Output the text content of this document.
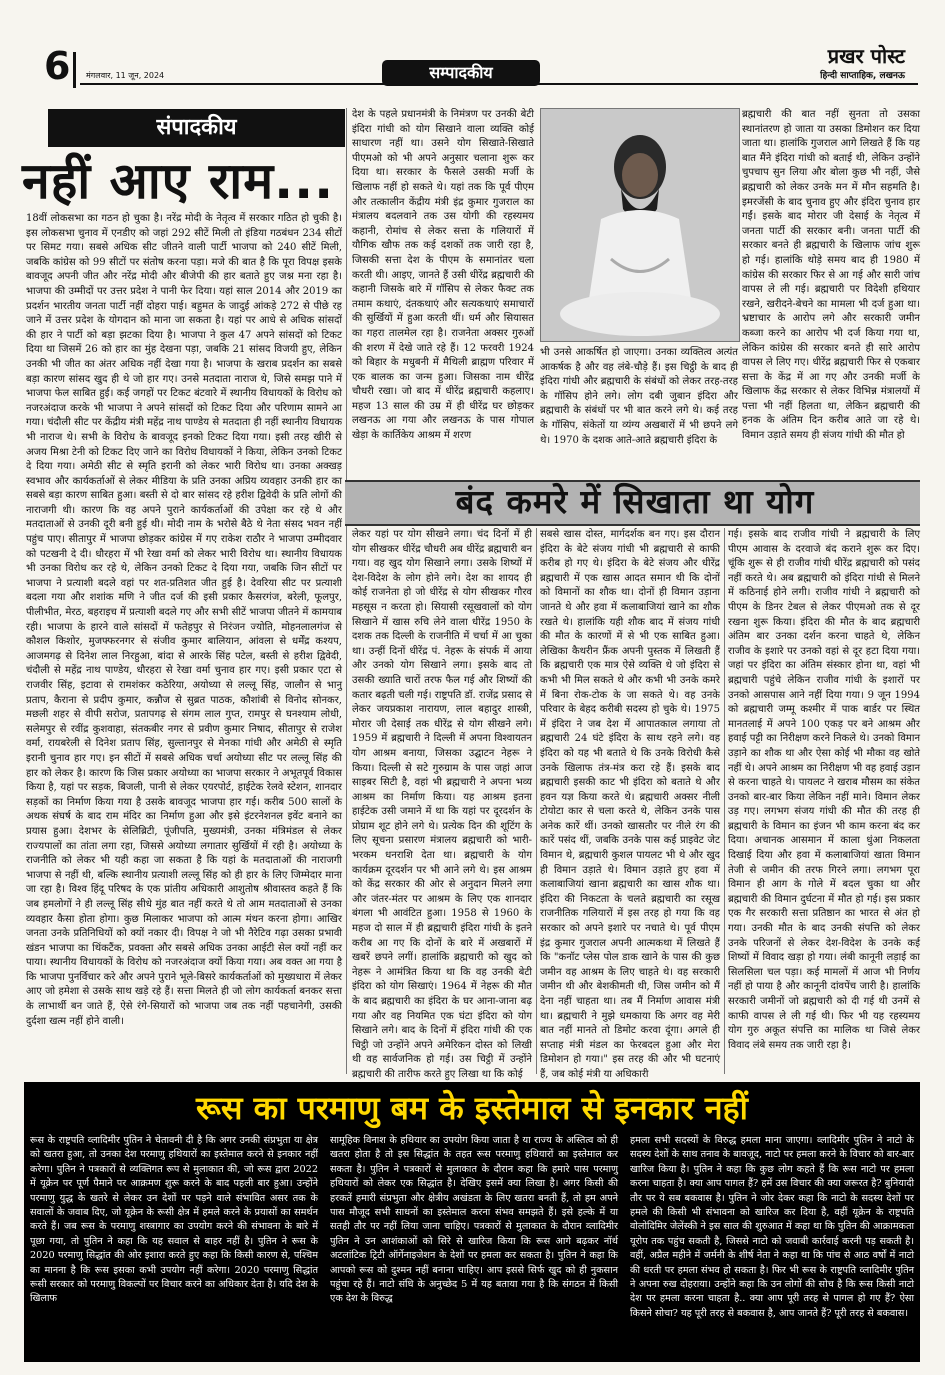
6 मंगलवार, 11 जून, 2024	सम्पादकीय
प्रखर पोस्ट
हिन्दी साप्ताहिक, लखनऊ
संपादकीय
नहीं आए राम...
18वीं लोकसभा का गठन हो चुका है। नरेंद्र मोदी के नेतृत्व में सरकार गठित हो चुकी है। इस लोकसभा चुनाव में एनडीए को जहां 292 सीटें मिली तो इंडिया गठबंधन 234 सीटों पर सिमट गया। सबसे अधिक सीट जीतने वाली पार्टी भाजपा को 240 सीटें मिली, जबकि कांग्रेस को 99 सीटों पर संतोष करना पड़ा। मजे की बात है कि पूरा विपक्ष इसके बावजूद अपनी जीत और नरेंद्र मोदी और बीजेपी की हार बताते हुए जश्न मना रहा है। भाजपा की उम्मीदों पर उत्तर प्रदेश ने पानी फेर दिया। यहां साल 2014 और 2019 का प्रदर्शन भारतीय जनता पार्टी नहीं दोहरा पाई। बहुमत के जादुई आंकड़े 272 से पीछे रह जाने में उत्तर प्रदेश के योगदान को माना जा सकता है। यहां पर आधे से अधिक सांसदों की हार ने पार्टी को बड़ा झटका दिया है। भाजपा ने कुल 47 अपने सांसदों को टिकट दिया था जिसमें 26 को हार का मुंह देखना पड़ा, जबकि 21 सांसद विजयी हुए, लेकिन उनकी भी जीत का अंतर अधिक नहीं देखा गया है। भाजपा के खराब प्रदर्शन का सबसे बड़ा कारण सांसद खुद ही थे जो हार गए। उनसे मतदाता नाराज थे, जिसे समझ पाने में भाजपा फेल साबित हुई। कई जगहों पर टिकट बंटवारे में स्थानीय विधायकों के विरोध को नजरअंदाज करके भी भाजपा ने अपने सांसदों को टिकट दिया और परिणाम सामने आ गया। चंदौली सीट पर केंद्रीय मंत्री महेंद्र नाथ पाण्डेय से मतदाता ही नहीं स्थानीय विधायक भी नाराज थे। सभी के विरोध के बावजूद इनको टिकट दिया गया। इसी तरह खीरी से अजय मिश्रा टेनी को टिकट दिए जाने का विरोध विधायकों ने किया, लेकिन उनको टिकट दे दिया गया। अमेठी सीट से स्मृति इरानी को लेकर भारी विरोध था। उनका अक्खड़ स्वभाव और कार्यकर्ताओं से लेकर मीडिया के प्रति उनका अप्रिय व्यवहार उनकी हार का सबसे बड़ा कारण साबित हुआ। बस्ती से दो बार सांसद रहे हरीश द्विवेदी के प्रति लोगों की नाराजगी थी। कारण कि वह अपने पुराने कार्यकर्ताओं की उपेक्षा कर रहे थे और मतदाताओं से उनकी दूरी बनी हुई थी। मोदी नाम के भरोसे बैठे थे नेता संसद भवन नहीं पहुंच पाए। सीतापुर में भाजपा छोड़कर कांग्रेस में गए राकेश राठौर ने भाजपा उम्मीदवार को पटखनी दे दी। धौरहरा में भी रेखा वर्मा को लेकर भारी विरोध था। स्थानीय विधायक भी उनका विरोध कर रहे थे, लेकिन उनको टिकट दे दिया गया, जबकि जिन सीटों पर भाजपा ने प्रत्याशी बदले वहां पर शत-प्रतिशत जीत हुई है। देवरिया सीट पर प्रत्याशी बदला गया और शशांक मणि ने जीत दर्ज की इसी प्रकार कैसरगंज, बरेली, फूलपुर, पीलीभीत, मेरठ, बहराइच में प्रत्याशी बदले गए और सभी सीटें भाजपा जीतने में कामयाब रही। भाजपा के हारने वाले सांसदों में फतेहपुर से निरंजन ज्योति, मोहनलालगंज से कौशल किशोर, मुजफ्फरनगर से संजीव कुमार बालियान, आंवला से धर्मेंद्र कश्यप, आजमगढ़ से दिनेश लाल निरहुआ, बांदा से आरके सिंह पटेल, बस्ती से हरीश द्विवेदी, चंदौली से महेंद्र नाथ पाण्डेय, धौरहरा से रेखा वर्मा चुनाव हार गए। इसी प्रकार एटा से राजवीर सिंह, इटावा से रामशंकर कठेरिया, अयोध्या से लल्लू सिंह, जालौन से भानु प्रताप, कैराना से प्रदीप कुमार, कन्नौज से सुब्रत पाठक, कौशांबी से विनोद सोनकर, मछली शहर से वीपी सरोज, प्रतापगढ़ से संगम लाल गुप्त, रामपुर से घनश्याम लोधी, सलेमपुर से रवींद्र कुशवाहा, संतकबीर नगर से प्रवीण कुमार निषाद, सीतापुर से राजेश वर्मा, रायबरेली से दिनेश प्रताप सिंह, सुल्तानपुर से मेनका गांधी और अमेठी से स्मृति इरानी चुनाव हार गए। इन सीटों में सबसे अधिक चर्चा अयोध्या सीट पर लल्लू सिंह की हार को लेकर है। कारण कि जिस प्रकार अयोध्या का भाजपा सरकार ने अभूतपूर्व विकास किया है, यहां पर सड़क, बिजली, पानी से लेकर एयरपोर्ट, हाईटेक रेलवे स्टेशन, शानदार सड़कों का निर्माण किया गया है उसके बावजूद भाजपा हार गई। करीब 500 सालों के अथक संघर्ष के बाद राम मंदिर का निर्माण हुआ और इसे इंटरनेशनल इवेंट बनाने का प्रयास हुआ। देशभर के सेलिब्रिटी, पूंजीपति, मुख्यमंत्री, उनका मंत्रिमंडल से लेकर राज्यपालों का तांता लगा रहा, जिससे अयोध्या लगातार सुर्खियों में रही है। अयोध्या के राजनीति को लेकर भी यही कहा जा सकता है कि यहां के मतदाताओं की नाराजगी भाजपा से नहीं थी, बल्कि स्थानीय प्रत्याशी लल्लू सिंह को ही हार के लिए जिम्मेदार माना जा रहा है। विश्व हिंदू परिषद के एक प्रांतीय अधिकारी आशुतोष श्रीवास्तव कहते हैं कि जब हमलोगों ने ही लल्लू सिंह सीधे मुंह बात नहीं करते थे तो आम मतदाताओं से उनका व्यवहार कैसा होता होगा। कुछ मिलाकर भाजपा को आत्म मंथन करना होगा। आखिर जनता उनके प्रतिनिधियों को क्यों नकार दी। विपक्ष ने जो भी नैरेटिव गढ़ा उसका प्रभावी खंडन भाजपा का थिंकटैंक, प्रवक्ता और सबसे अधिक उनका आईटी सेल क्यों नहीं कर पाया। स्थानीय विधायकों के विरोध को नजरअंदाज क्यों किया गया। अब वक्त आ गया है कि भाजपा पुनर्विचार करे और अपने पुराने भूले-बिसरे कार्यकर्ताओं को मुख्यधारा में लेकर आए जो हमेशा से उसके साथ खड़े रहे हैं। सत्ता मिलते ही जो लोग कार्यकर्ता बनकर सत्ता के लाभार्थी बन जाते हैं, ऐसे रंगे-सियारों को भाजपा जब तक नहीं पहचानेगी, उसकी दुर्दशा खत्म नहीं होने वाली।
देश के पहले प्रधानमंत्री के निमंत्रण पर उनकी बेटी इंदिरा गांधी को योग सिखाने वाला व्यक्ति कोई साधारण नहीं था। उसने योग सिखाते-सिखाते पीएमओ को भी अपने अनुसार चलाना शुरू कर दिया था। सरकार के फैसले उसकी मर्जी के खिलाफ नहीं हो सकते थे। यहां तक कि पूर्व पीएम और तत्कालीन केंद्रीय मंत्री इंद्र कुमार गुजराल का मंत्रालय बदलवाने तक उस योगी की रहस्यमय कहानी, रोमांच से लेकर सत्ता के गलियारों में यौगिक खौफ तक कई दशकों तक जारी रहा है, जिसकी सत्ता देश के पीएम के समानांतर चला करती थी। आइए, जानते हैं उसी धीरेंद्र ब्रह्मचारी की कहानी जिसके बारे में गॉसिप से लेकर फैक्ट तक तमाम कथाएं, दंतकथाएं और सत्यकथाएं समाचारों की सुर्खियों में हुआ करती थीं। धर्म और सियासत का गहरा तालमेल रहा है। राजनेता अक्सर गुरुओं की शरण में देखे जाते रहे हैं। 12 फरवरी 1924 को बिहार के मधुबनी में मैथिली ब्राह्मण परिवार में एक बालक का जन्म हुआ। जिसका नाम धीरेंद्र चौधरी रखा। जो बाद में धीरेंद्र ब्रह्मचारी कहलाए। महज 13 साल की उम्र में ही धीरेंद्र घर छोड़कर लखनऊ आ गया और लखनऊ के पास गोपाल खेड़ा के कार्तिकेय आश्रम में शरण
भी उनसे आकर्षित हो जाएगा। उनका व्यक्तित्व अत्यंत आकर्षक है और वह लंबे-चौड़े हैं। इस चिट्ठी के बाद ही इंदिरा गांधी और ब्रह्मचारी के संबंधों को लेकर तरह-तरह के गॉसिप होने लगे। लोग दबी जुबान इंदिरा और ब्रह्मचारी के संबंधों पर भी बात करने लगे थे। कई तरह के गॉसिप, संकेतों या व्यंग्य अखबारों में भी छपने लगे थे। 1970 के दशक आते-आते ब्रह्मचारी इंदिरा के
ब्रह्मचारी की बात नहीं सुनता तो उसका स्थानांतरण हो जाता या उसका डिमोशन कर दिया जाता था। हालांकि गुजराल आगे लिखते हैं कि यह बात मैंने इंदिरा गांधी को बताई थी, लेकिन उन्होंने चुपचाप सुन लिया और बोला कुछ भी नहीं, जैसे ब्रह्मचारी को लेकर उनके मन में मौन सहमति है। इमरजेंसी के बाद चुनाव हुए और इंदिरा चुनाव हार गईं। इसके बाद मोरार जी देसाई के नेतृत्व में जनता पार्टी की सरकार बनी। जनता पार्टी की सरकार बनते ही ब्रह्मचारी के खिलाफ जांच शुरू हो गई। हालांकि थोड़े समय बाद ही 1980 में कांग्रेस की सरकार फिर से आ गई और सारी जांच वापस ले ली गई। ब्रह्मचारी पर विदेशी हथियार रखने, खरीदने-बेचने का मामला भी दर्ज हुआ था। भ्रष्टाचार के आरोप लगे और सरकारी जमीन कब्जा करने का आरोप भी दर्ज किया गया था, लेकिन कांग्रेस की सरकार बनते ही सारे आरोप वापस ले लिए गए। धीरेंद्र ब्रह्मचारी फिर से एकबार सत्ता के केंद्र में आ गए और उनकी मर्जी के खिलाफ केंद्र सरकार से लेकर विभिन्न मंत्रालयों में पत्ता भी नहीं हिलता था, लेकिन ब्रह्मचारी की हनक के अंतिम दिन करीब आते जा रहे थे। विमान उड़ाते समय ही संजय गांधी की मौत हो
बंद कमरे में सिखाता था योग
लेकर यहां पर योग सीखने लगा। चंद दिनों में ही योग सीखकर धीरेंद्र चौधरी अब धीरेंद्र ब्रह्मचारी बन गया। वह खुद योग सिखाने लगा। उसके शिष्यों में देश-विदेश के लोग होने लगे। देश का शायद ही कोई राजनेता हो जो धीरेंद्र से योग सीखकर गौरव महसूस न करता हो। सियासी रसूखवालों को योग सिखाने में खास रुचि लेने वाला धीरेंद्र 1950 के दशक तक दिल्ली के राजनीति में चर्चा में आ चुका था। उन्हीं दिनों धीरेंद्र पं. नेहरू के संपर्क में आया और उनको योग सिखाने लगा। इसके बाद तो उसकी ख्याति चारों तरफ फैल गई और शिष्यों की कतार बढ़ती चली गई। राष्ट्रपति डॉ. राजेंद्र प्रसाद से लेकर जयप्रकाश नारायण, लाल बहादुर शास्त्री, मोरार जी देसाई तक धीरेंद्र से योग सीखने लगे। 1959 में ब्रह्मचारी ने दिल्ली में अपना विश्वायतन योग आश्रम बनाया, जिसका उद्घाटन नेहरू ने किया। दिल्ली से सटे गुरुग्राम के पास जहां आज साइबर सिटी है, वहां भी ब्रह्मचारी ने अपना भव्य आश्रम का निर्माण किया। यह आश्रम इतना हाईटेक उसी जमाने में था कि यहां पर दूरदर्शन के प्रोग्राम शूट होने लगे थे। प्रत्येक दिन की शूटिंग के लिए सूचना प्रसारण मंत्रालय ब्रह्मचारी को भारी-भरकम धनराशि देता था। ब्रह्मचारी के योग कार्यक्रम दूरदर्शन पर भी आने लगे थे। इस आश्रम को केंद्र सरकार की ओर से अनुदान मिलने लगा और जंतर-मंतर पर आश्रम के लिए एक शानदार बंगला भी आवंटित हुआ। 1958 से 1960 के महज दो साल में ही ब्रह्मचारी इंदिरा गांधी के इतने करीब आ गए कि दोनों के बारे में अखबारों में खबरें छपने लगीं। हालांकि ब्रह्मचारी को खुद को नेहरू ने आमंत्रित किया था कि वह उनकी बेटी इंदिरा को योग सिखाएं। 1964 में नेहरू की मौत के बाद ब्रह्मचारी का इंदिरा के घर आना-जाना बढ़ गया और वह नियमित एक घंटा इंदिरा को योग सिखाने लगे। बाद के दिनों में इंदिरा गांधी की एक चिट्ठी जो उन्होंने अपने अमेरिकन दोस्त को लिखी थी वह सार्वजनिक हो गई। उस चिट्ठी में उन्होंने ब्रह्मचारी की तारीफ करते हुए लिखा था कि कोई
सबसे खास दोस्त, मार्गदर्शक बन गए। इस दौरान इंदिरा के बेटे संजय गांधी भी ब्रह्मचारी से काफी करीब हो गए थे। इंदिरा के बेटे संजय और धीरेंद्र ब्रह्मचारी में एक खास आदत समान थी कि दोनों को विमानों का शौक था। दोनों ही विमान उड़ाना जानते थे और हवा में कलाबाजियां खाने का शौक रखते थे। हालांकि यही शौक बाद में संजय गांधी की मौत के कारणों में से भी एक साबित हुआ। लेखिका कैथरीन फ्रैंक अपनी पुस्तक में लिखती हैं कि ब्रह्मचारी एक मात्र ऐसे व्यक्ति थे जो इंदिरा से कभी भी मिल सकते थे और कभी भी उनके कमरे में बिना रोक-टोक के जा सकते थे। वह उनके परिवार के बेहद करीबी सदस्य हो चुके थे। 1975 में इंदिरा ने जब देश में आपातकाल लगाया तो ब्रह्मचारी 24 घंटे इंदिरा के साथ रहने लगे। वह इंदिरा को यह भी बताते थे कि उनके विरोधी कैसे उनके खिलाफ तंत्र-मंत्र करा रहे हैं। इसके बाद ब्रह्मचारी इसकी काट भी इंदिरा को बताते थे और हवन यज्ञ किया करते थे। ब्रह्मचारी अक्सर नीली टोयोटा कार से चला करते थे, लेकिन उनके पास अनेक कारें थीं। उनको खासतौर पर नीले रंग की कारें पसंद थीं, जबकि उनके पास कई प्राइवेट जेट विमान थे, ब्रह्मचारी कुशल पायलट भी थे और खुद ही विमान उड़ाते थे। विमान उड़ाते हुए हवा में कलाबाजियां खाना ब्रह्मचारी का खास शौक था। इंदिरा की निकटता के चलते ब्रह्मचारी का रसूख राजनीतिक गलियारों में इस तरह हो गया कि वह सरकार को अपने इशारे पर नचाते थे। पूर्व पीएम इंद्र कुमार गुजराल अपनी आत्मकथा में लिखते हैं कि "कनॉट प्लेस पोल डाक खाने के पास की कुछ जमीन वह आश्रम के लिए चाहते थे। वह सरकारी जमीन थी और बेशकीमती थी, जिस जमीन को मैं देना नहीं चाहता था। तब मैं निर्माण आवास मंत्री था। ब्रह्मचारी ने मुझे धमकाया कि अगर वह मेरी बात नहीं मानते तो डिमोट करवा दूंगा। अगले ही सप्ताह मंत्री मंडल का फेरबदल हुआ और मेरा डिमोशन हो गया।" इस तरह की और भी घटनाएं हैं, जब कोई मंत्री या अधिकारी
गई। इसके बाद राजीव गांधी ने ब्रह्मचारी के लिए पीएम आवास के दरवाजे बंद कराने शुरू कर दिए। चूंकि शुरू से ही राजीव गांधी धीरेंद्र ब्रह्मचारी को पसंद नहीं करते थे। अब ब्रह्मचारी को इंदिरा गांधी से मिलने में कठिनाई होने लगी। राजीव गांधी ने ब्रह्मचारी को पीएम के डिनर टेबल से लेकर पीएमओ तक से दूर रखना शुरू किया। इंदिरा की मौत के बाद ब्रह्मचारी अंतिम बार उनका दर्शन करना चाहते थे, लेकिन राजीव के इशारे पर उनको वहां से दूर हटा दिया गया। जहां पर इंदिरा का अंतिम संस्कार होना था, वहां भी ब्रह्मचारी पहुंचे लेकिन राजीव गांधी के इशारों पर उनको आसपास आने नहीं दिया गया। 9 जून 1994 को ब्रह्मचारी जम्मू कश्मीर में पाक बार्डर पर स्थित मानतलाई में अपने 100 एकड़ पर बने आश्रम और हवाई पट्टी का निरीक्षण करने निकले थे। उनको विमान उड़ाने का शौक था और ऐसा कोई भी मौका वह खोते नहीं थे। अपने आश्रम का निरीक्षण भी वह हवाई उड़ान से करना चाहते थे। पायलट ने खराब मौसम का संकेत उनको बार-बार किया लेकिन नहीं माने। विमान लेकर उड़ गए। लगभग संजय गांधी की मौत की तरह ही ब्रह्मचारी के विमान का इंजन भी काम करना बंद कर दिया। अचानक आसमान में काला धुंआ निकलता दिखाई दिया और हवा में कलाबाजियां खाता विमान तेजी से जमीन की तरफ गिरने लगा। लगभग पूरा विमान ही आग के गोले में बदल चुका था और ब्रह्मचारी की विमान दुर्घटना में मौत हो गई। इस प्रकार एक गैर सरकारी सत्ता प्रतिष्ठान का भारत से अंत हो गया। उनकी मौत के बाद उनकी संपत्ति को लेकर उनके परिजनों से लेकर देश-विदेश के उनके कई शिष्यों में विवाद खड़ा हो गया। लंबी कानूनी लड़ाई का सिलसिला चल पड़ा। कई मामलों में आज भी निर्णय नहीं हो पाया है और कानूनी दांवपेंच जारी है। हालांकि सरकारी जमीनों जो ब्रह्मचारी को दी गई थी उनमें से काफी वापस ले ली गई थी। फिर भी यह रहस्यमय योग गुरु अकूत संपत्ति का मालिक था जिसे लेकर विवाद लंबे समय तक जारी रहा है।
रूस का परमाणु बम के इस्तेमाल से इनकार नहीं
रूस के राष्ट्रपति व्लादिमीर पुतिन ने चेतावनी दी है कि अगर उनकी संप्रभुता या क्षेत्र को खतरा हुआ, तो उनका देश परमाणु हथियारों का इस्तेमाल करने से इनकार नहीं करेगा। पुतिन ने पत्रकारों से व्यक्तिगत रूप से मुलाकात की, जो रूस द्वारा 2022 में यूक्रेन पर पूर्ण पैमाने पर आक्रमण शुरू करने के बाद पहली बार हुआ। उन्होंने परमाणु युद्ध के खतरे से लेकर उन देशों पर पड़ने वाले संभावित असर तक के सवालों के जवाब दिए, जो यूक्रेन के रूसी क्षेत्र में हमले करने के प्रयासों का समर्थन करते हैं। जब रूस के परमाणु शस्त्रागार का उपयोग करने की संभावना के बारे में पूछा गया, तो पुतिन ने कहा कि यह सवाल से बाहर नहीं है। पुतिन ने रूस के 2020 परमाणु सिद्धांत की ओर इशारा करते हुए कहा कि किसी कारण से, पश्चिम का मानना है कि रूस इसका कभी उपयोग नहीं करेगा। 2020 परमाणु सिद्धांत रूसी सरकार को परमाणु विकल्पों पर विचार करने का अधिकार देता है। यदि देश के खिलाफ
सामूहिक विनाश के हथियार का उपयोग किया जाता है या राज्य के अस्तित्व को ही खतरा होता है तो इस सिद्धांत के तहत रूस परमाणु हथियारों का इस्तेमाल कर सकता है। पुतिन ने पत्रकारों से मुलाकात के दौरान कहा कि हमारे पास परमाणु हथियारों को लेकर एक सिद्धांत है। देखिए इसमें क्या लिखा है। अगर किसी की हरकतें हमारी संप्रभुता और क्षेत्रीय अखंडता के लिए खतरा बनती हैं, तो हम अपने पास मौजूद सभी साधनों का इस्तेमाल करना संभव समझते हैं। इसे हल्के में या सतही तौर पर नहीं लिया जाना चाहिए। पत्रकारों से मुलाकात के दौरान व्लादिमीर पुतिन ने उन आशंकाओं को सिरे से खारिज किया कि रूस आगे बढ़कर नॉर्थ अटलांटिक ट्रिटी ऑर्गेनाइजेशन के देशों पर हमला कर सकता है। पुतिन ने कहा कि आपको रूस को दुश्मन नहीं बनाना चाहिए। आप इससे सिर्फ खुद को ही नुकसान पहुंचा रहे हैं। नाटो संधि के अनुच्छेद 5 में यह बताया गया है कि संगठन में किसी एक देश के विरुद्ध
हमला सभी सदस्यों के विरुद्ध हमला माना जाएगा। व्लादिमीर पुतिन ने नाटो के सदस्य देशों के साथ तनाव के बावजूद, नाटो पर हमला करने के विचार को बार-बार खारिज किया है। पुतिन ने कहा कि कुछ लोग कहते हैं कि रूस नाटो पर हमला करना चाहता है। क्या आप पागल हैं? हमें उस विचार की क्या जरूरत है? बुनियादी तौर पर ये सब बकवास है। पुतिन ने जोर देकर कहा कि नाटो के सदस्य देशों पर हमले की किसी भी संभावना को खारिज कर दिया है, वहीं यूक्रेन के राष्ट्रपति वोलोदिमिर जेलेंस्की ने इस साल की शुरुआत में कहा था कि पुतिन की आक्रामकता यूरोप तक पहुंच सकती है, जिससे नाटो को जवाबी कार्रवाई करनी पड़ सकती है। वहीं, अप्रैल महीने में जर्मनी के शीर्ष नेता ने कहा था कि पांच से आठ वर्षों में नाटो की धरती पर हमला संभव हो सकता है। फिर भी रूस के राष्ट्रपति व्लादिमीर पुतिन ने अपना रुख दोहराया। उन्होंने कहा कि उन लोगों की सोच है कि रूस किसी नाटो देश पर हमला करना चाहता है.. क्या आप पूरी तरह से पागल हो गए हैं? ऐसा किसने सोचा? यह पूरी तरह से बकवास है, आप जानते हैं? पूरी तरह से बकवास।
